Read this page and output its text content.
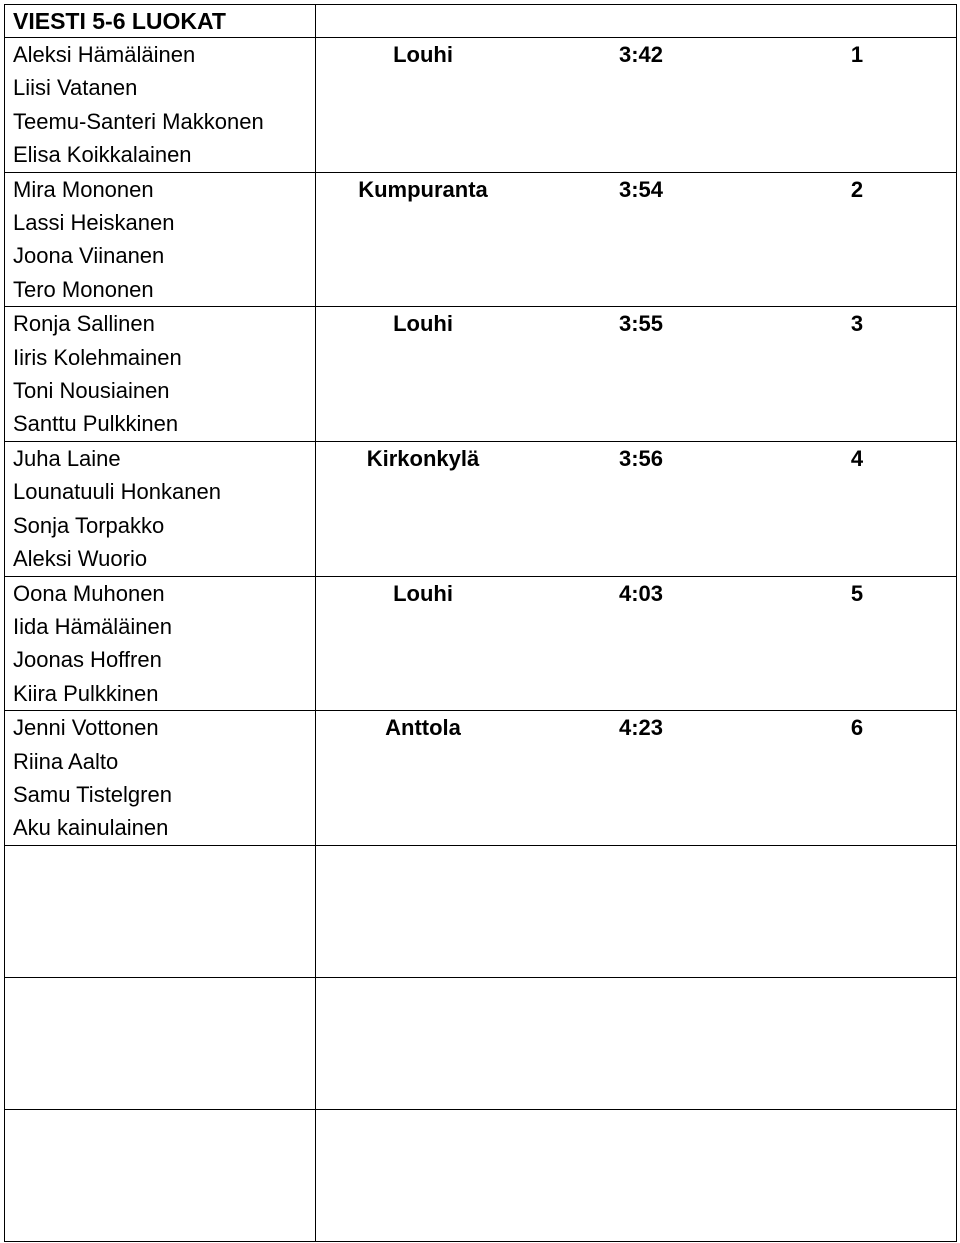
VIESTI 5-6 LUOKAT	

Aleksi Hämäläinen
Liisi Vatanen
Teemu-Santeri Makkonen
Elisa Koikkalainen	Louhi 3:42 1

Mira Mononen
Lassi Heiskanen
Joona Viinanen
Tero Mononen	Kumpuranta 3:54 2

Ronja Sallinen
Iiris Kolehmainen
Toni Nousiainen
Santtu Pulkkinen	Louhi 3:55 3

Juha Laine
Lounatuuli Honkanen
Sonja Torpakko
Aleksi Wuorio	Kirkonkylä 3:56 4

Oona Muhonen
Iida Hämäläinen
Joonas Hoffren
Kiira Pulkkinen	Louhi 4:03 5

Jenni Vottonen
Riina Aalto
Samu Tistelgren
Aku kainulainen	Anttola 4:23 6
